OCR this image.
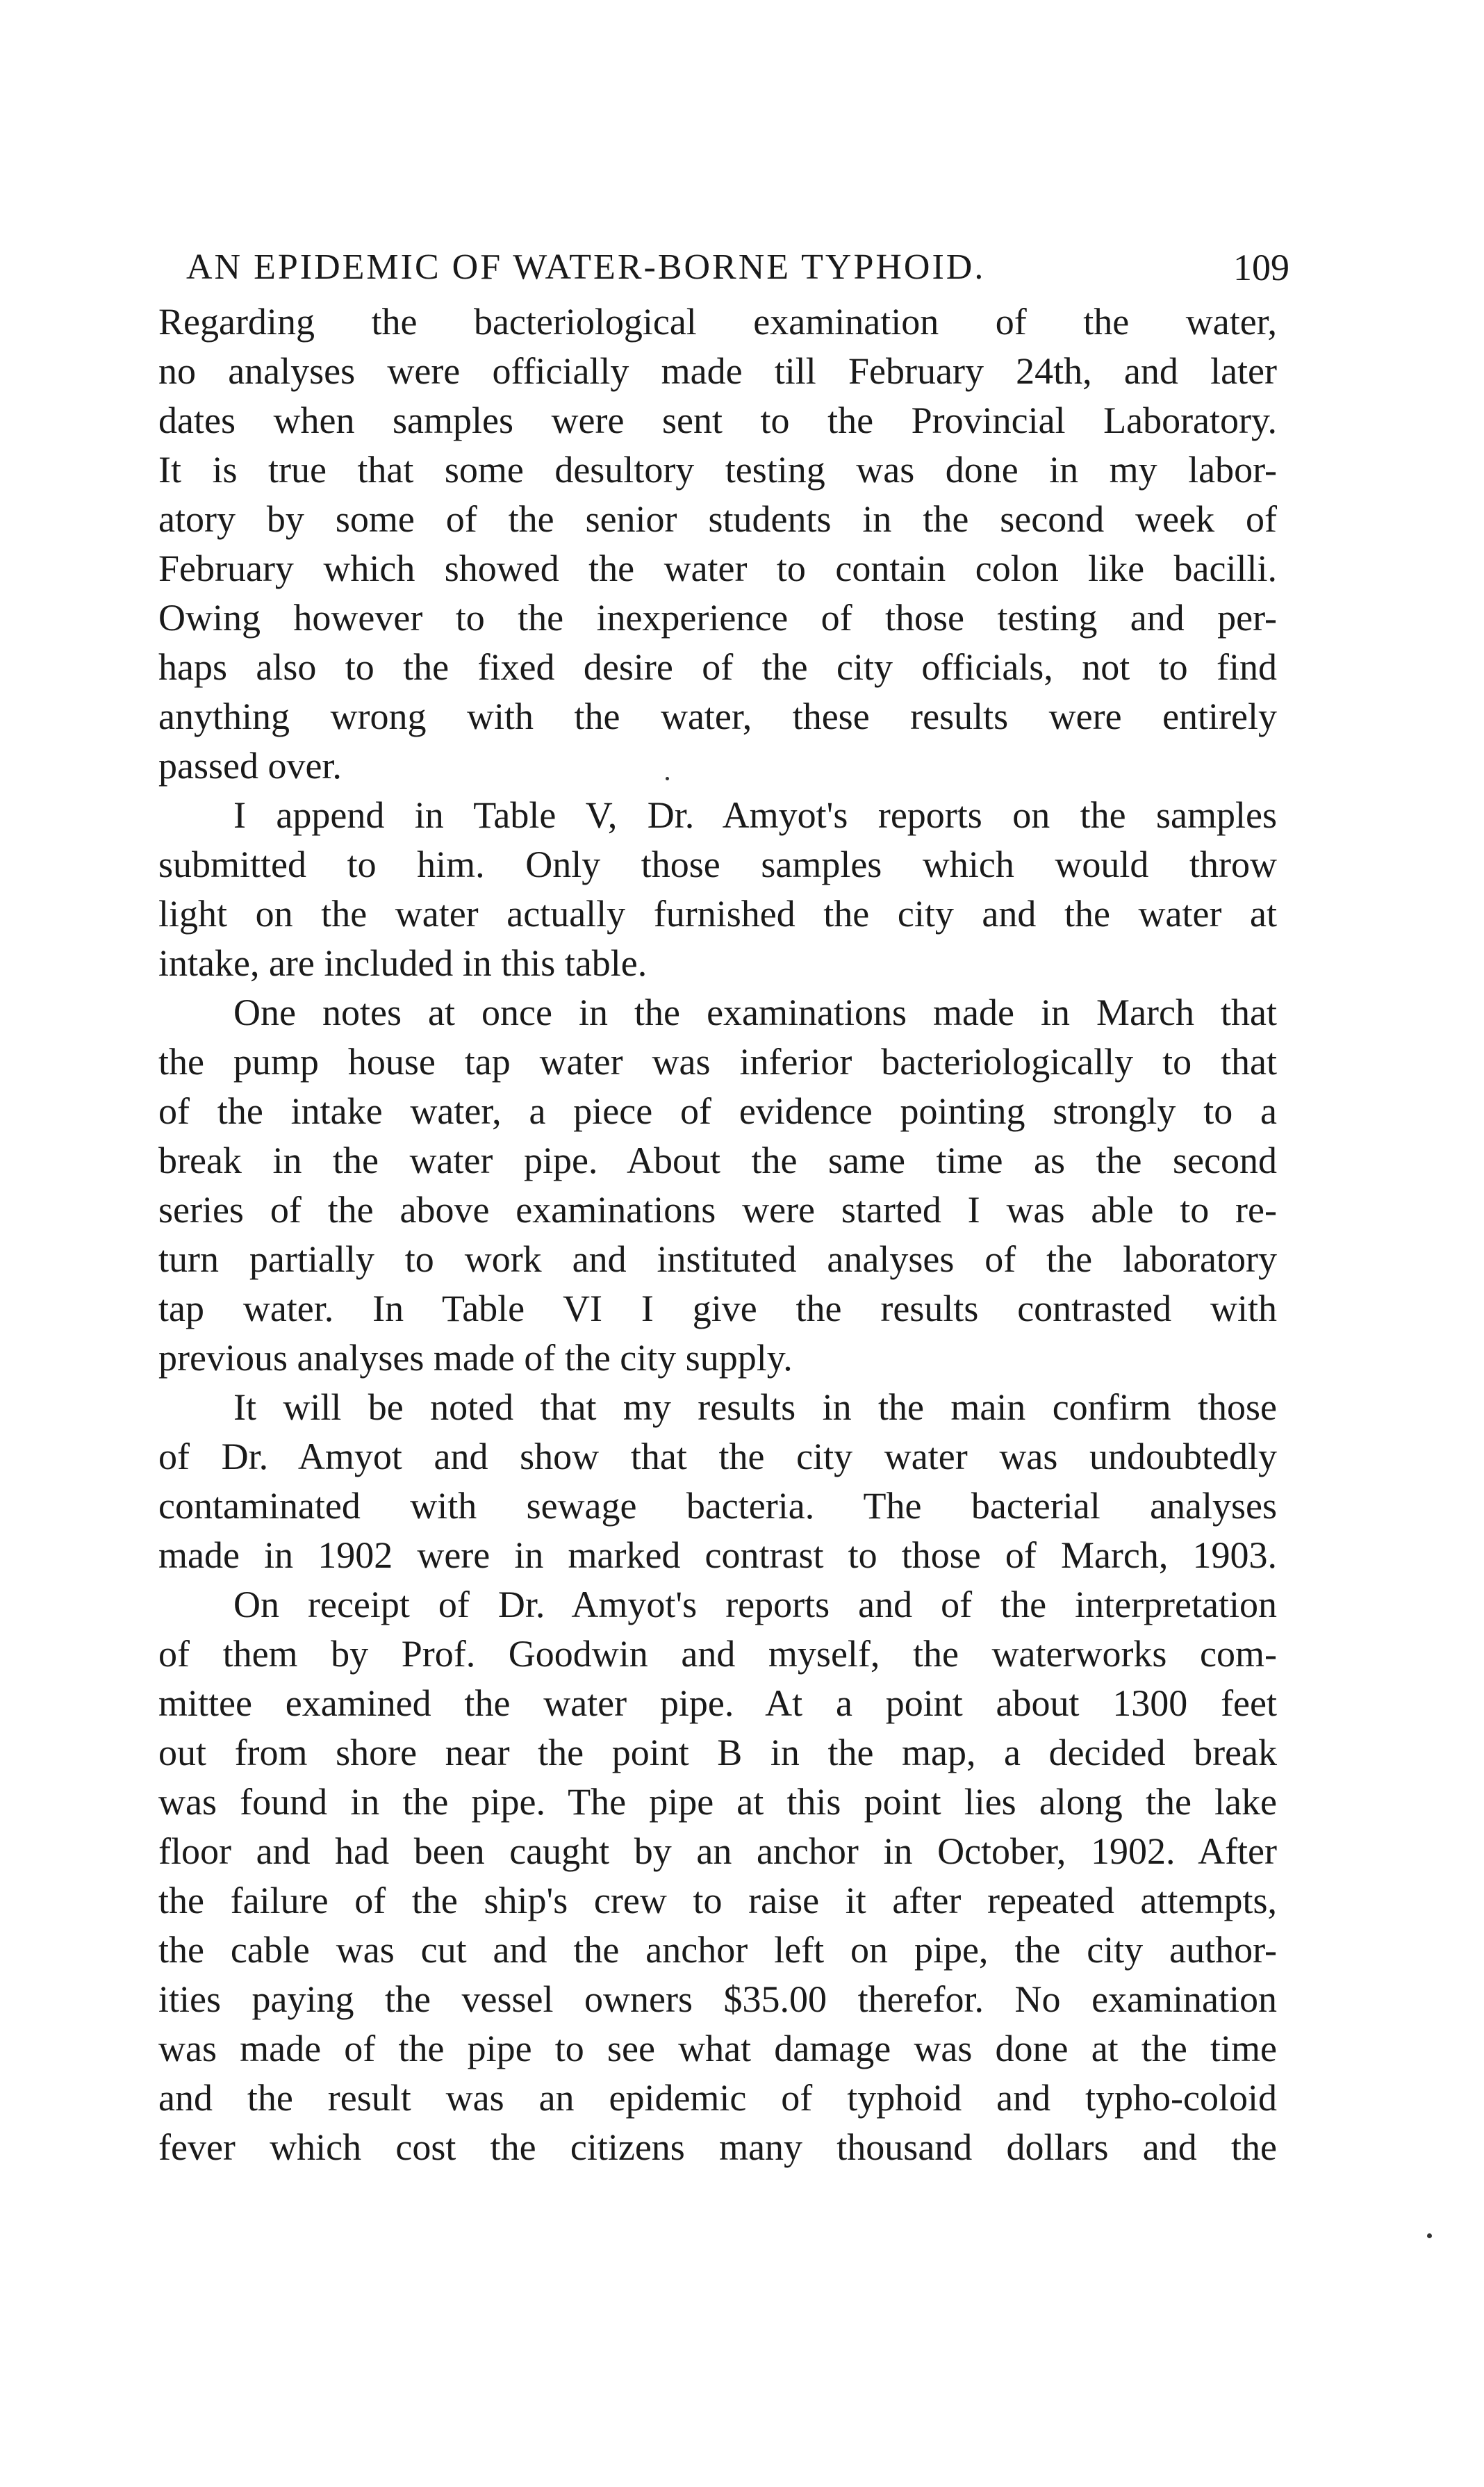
AN EPIDEMIC OF WATER-BORNE TYPHOID.	109
Regarding the bacteriological examination of the water,
no analyses were officially made till February 24th, and later
dates when samples were sent to the Provincial Laboratory.
It is true that some desultory testing was done in my labor-
atory by some of the senior students in the second week of
February which showed the water to contain colon like bacilli.
Owing however to the inexperience of those testing and per-
haps also to the fixed desire of the city officials, not to find
anything wrong with the water, these results were entirely
passed over.
I append in Table V, Dr. Amyot's reports on the samples
submitted to him. Only those samples which would throw
light on the water actually furnished the city and the water at
intake, are included in this table.
One notes at once in the examinations made in March that
the pump house tap water was inferior bacteriologically to that
of the intake water, a piece of evidence pointing strongly to a
break in the water pipe. About the same time as the second
series of the above examinations were started I was able to re-
turn partially to work and instituted analyses of the laboratory
tap water. In Table VI I give the results contrasted with
previous analyses made of the city supply.
It will be noted that my results in the main confirm those
of Dr. Amyot and show that the city water was undoubtedly
contaminated with sewage bacteria. The bacterial analyses
made in 1902 were in marked contrast to those of March, 1903.
On receipt of Dr. Amyot's reports and of the interpretation
of them by Prof. Goodwin and myself, the waterworks com-
mittee examined the water pipe. At a point about 1300 feet
out from shore near the point B in the map, a decided break
was found in the pipe. The pipe at this point lies along the lake
floor and had been caught by an anchor in October, 1902. After
the failure of the ship's crew to raise it after repeated attempts,
the cable was cut and the anchor left on pipe, the city author-
ities paying the vessel owners $35.00 therefor. No examination
was made of the pipe to see what damage was done at the time
and the result was an epidemic of typhoid and typho-coloid
fever which cost the citizens many thousand dollars and the
